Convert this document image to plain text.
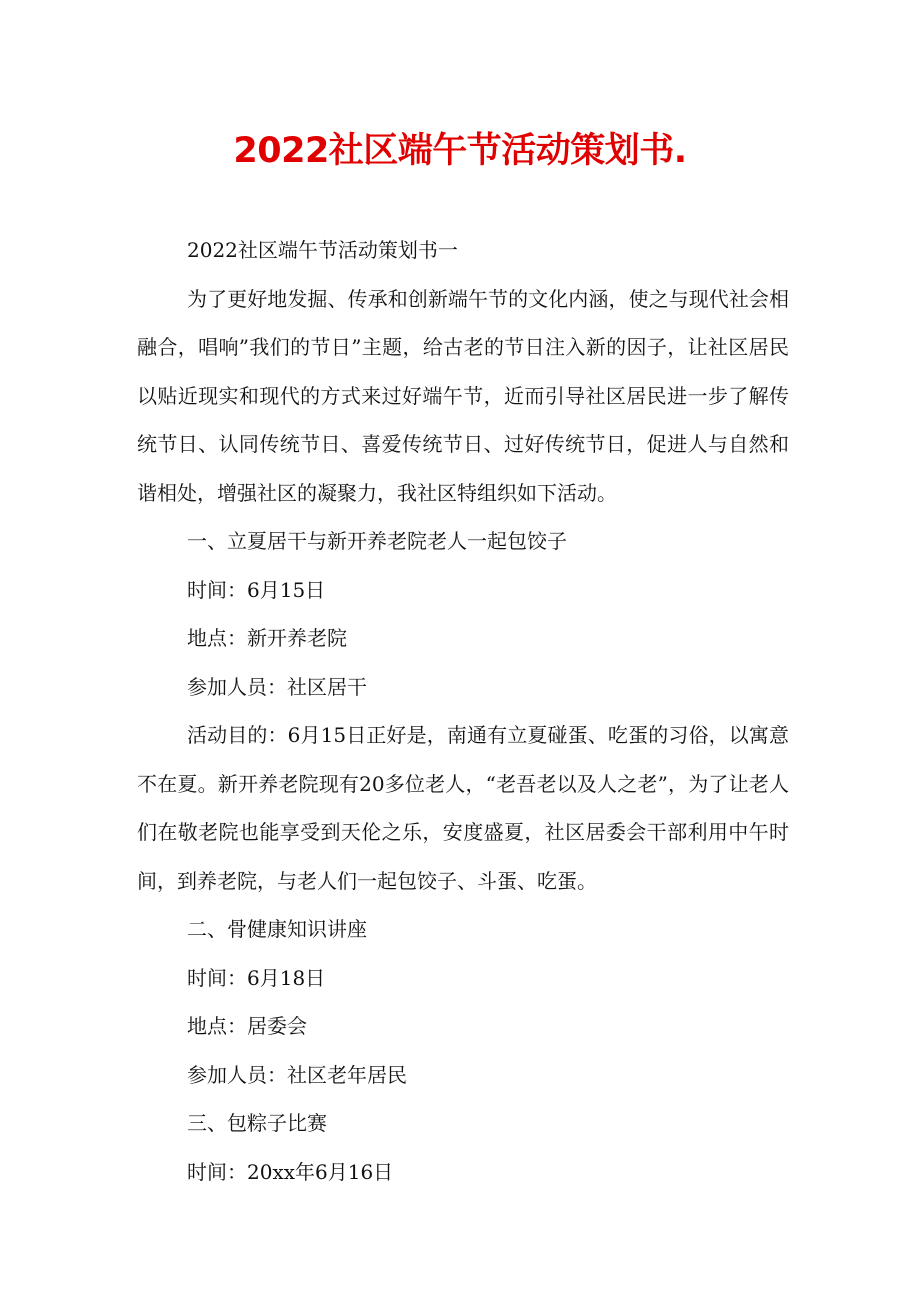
2022社区端午节活动策划书.

2022社区端午节活动策划书一

为了更好地发掘、传承和创新端午节的文化内涵，使之与现代社会相融合，唱响”我们的节日”主题，给古老的节日注入新的因子，让社区居民以贴近现实和现代的方式来过好端午节，近而引导社区居民进一步了解传统节日、认同传统节日、喜爱传统节日、过好传统节日，促进人与自然和谐相处，增强社区的凝聚力，我社区特组织如下活动。

一、立夏居干与新开养老院老人一起包饺子

时间：6月15日

地点：新开养老院

参加人员：社区居干

活动目的：6月15日正好是，南通有立夏碰蛋、吃蛋的习俗，以寓意不在夏。新开养老院现有20多位老人，“老吾老以及人之老”，为了让老人们在敬老院也能享受到天伦之乐，安度盛夏，社区居委会干部利用中午时间，到养老院，与老人们一起包饺子、斗蛋、吃蛋。

二、骨健康知识讲座

时间：6月18日

地点：居委会

参加人员：社区老年居民

三、包粽子比赛

时间：20xx年6月16日
